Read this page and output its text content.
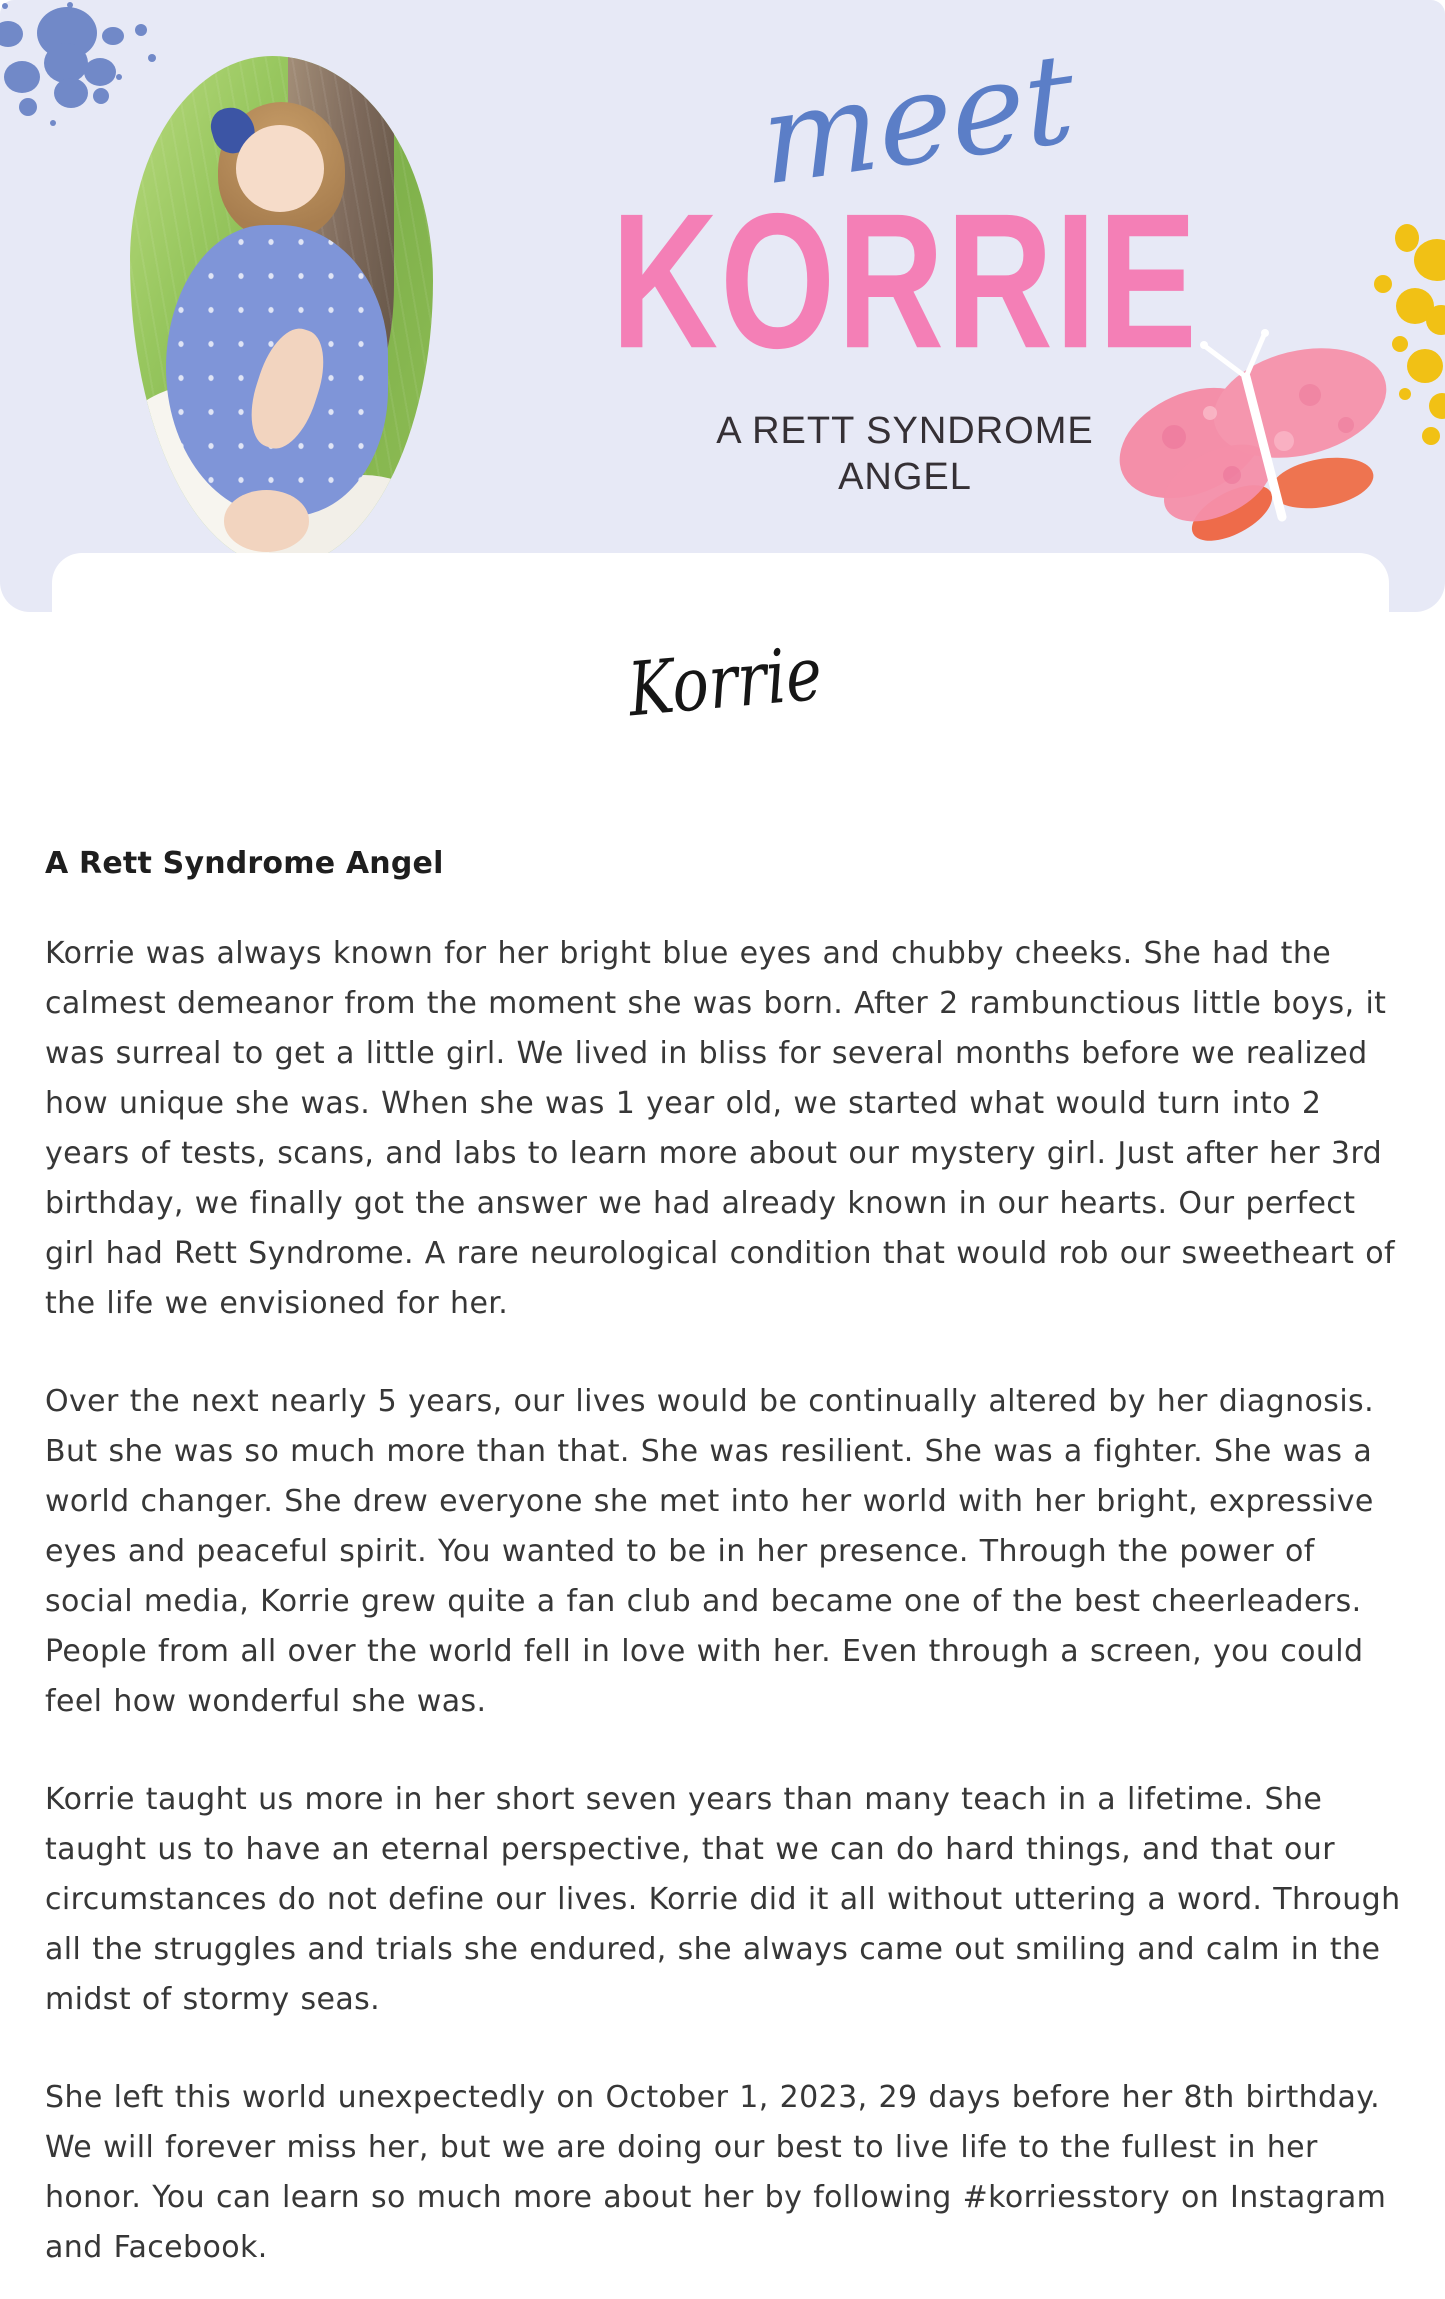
meet
KORRIE
A RETT SYNDROME ANGEL
Korrie
A Rett Syndrome Angel

Korrie was always known for her bright blue eyes and chubby cheeks. She had the calmest demeanor from the moment she was born. After 2 rambunctious little boys, it was surreal to get a little girl. We lived in bliss for several months before we realized how unique she was. When she was 1 year old, we started what would turn into 2 years of tests, scans, and labs to learn more about our mystery girl. Just after her 3rd birthday, we finally got the answer we had already known in our hearts. Our perfect girl had Rett Syndrome. A rare neurological condition that would rob our sweetheart of the life we envisioned for her.

Over the next nearly 5 years, our lives would be continually altered by her diagnosis. But she was so much more than that. She was resilient. She was a fighter. She was a world changer. She drew everyone she met into her world with her bright, expressive eyes and peaceful spirit. You wanted to be in her presence. Through the power of social media, Korrie grew quite a fan club and became one of the best cheerleaders. People from all over the world fell in love with her. Even through a screen, you could feel how wonderful she was.

Korrie taught us more in her short seven years than many teach in a lifetime. She taught us to have an eternal perspective, that we can do hard things, and that our circumstances do not define our lives. Korrie did it all without uttering a word. Through all the struggles and trials she endured, she always came out smiling and calm in the midst of stormy seas.

She left this world unexpectedly on October 1, 2023, 29 days before her 8th birthday. We will forever miss her, but we are doing our best to live life to the fullest in her honor. You can learn so much more about her by following #korriesstory on Instagram and Facebook.
